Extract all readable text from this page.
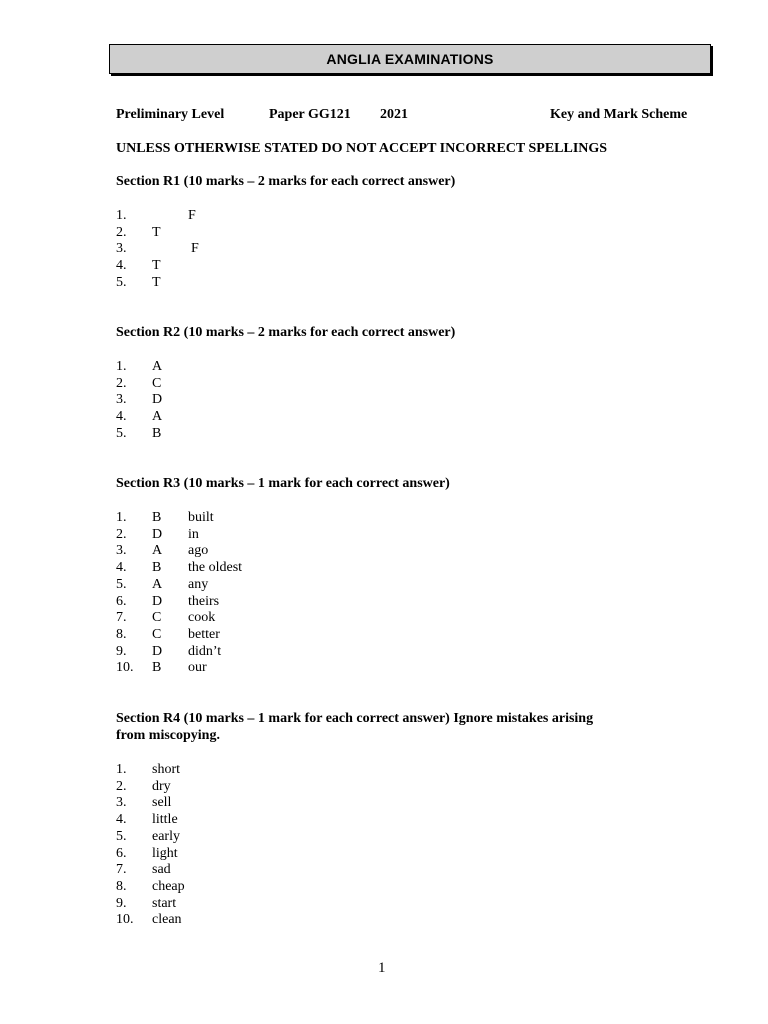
ANGLIA EXAMINATIONS
Preliminary Level	Paper GG121 2021	Key and Mark Scheme
UNLESS OTHERWISE STATED DO NOT ACCEPT INCORRECT SPELLINGS
Section R1 (10 marks – 2 marks for each correct answer)
1.	F
2. T
3.	F
4. T
5. T
Section R2 (10 marks – 2 marks for each correct answer)
1. A
2. C
3. D
4. A
5. B
Section R3 (10 marks – 1 mark for each correct answer)
1. B built
2. D in
3. A ago
4. B the oldest
5. A any
6. D theirs
7. C cook
8. C better
9. D didn’t
10. B our
Section R4 (10 marks – 1 mark for each correct answer) Ignore mistakes arising
from miscopying.
1. short
2. dry
3. sell
4. little
5. early
6. light
7. sad
8. cheap
9. start
10. clean
1
